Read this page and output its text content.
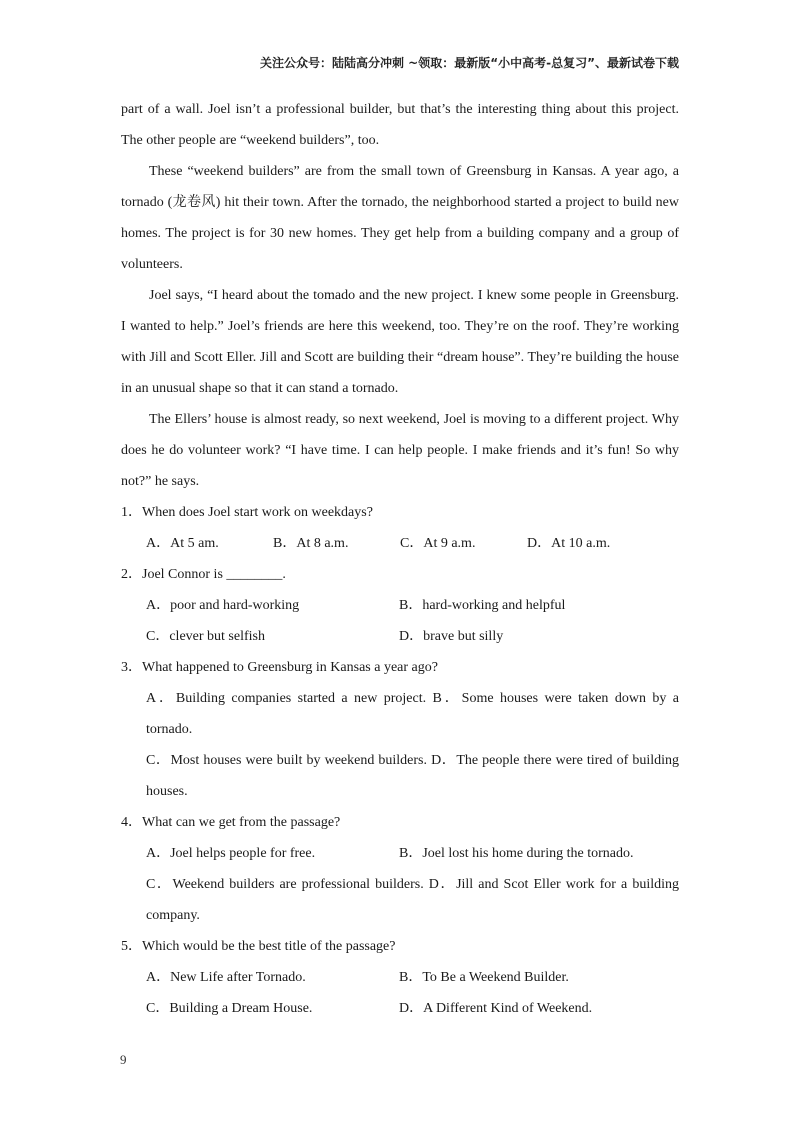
关注公众号：陆陆高分冲刺 ~领取：最新版“小中高考-总复习”、最新试卷下载

part of a wall. Joel isn’t a professional builder, but that’s the interesting thing about this project. The other people are “weekend builders”, too.

These “weekend builders” are from the small town of Greensburg in Kansas. A year ago, a tornado (龙卷风) hit their town. After the tornado, the neighborhood started a project to build new homes. The project is for 30 new homes. They get help from a building company and a group of volunteers.

Joel says, “I heard about the tomado and the new project. I knew some people in Greensburg. I wanted to help.” Joel’s friends are here this weekend, too. They’re on the roof. They’re working with Jill and Scott Eller. Jill and Scott are building their “dream house”. They’re building the house in an unusual shape so that it can stand a tornado.

The Ellers’ house is almost ready, so next weekend, Joel is moving to a different project. Why does he do volunteer work? “I have time. I can help people. I make friends and it’s fun! So why not?” he says.

1．When does Joel start work on weekdays?
A．At 5 am.	B．At 8 a.m.	C．At 9 a.m.	D．At 10 a.m.
2．Joel Connor is ________.
A．poor and hard-working	B．hard-working and helpful
C．clever but selfish	D．brave but silly
3．What happened to Greensburg in Kansas a year ago?

A．Building companies started a new project. B．Some houses were taken down by a tornado.

C．Most houses were built by weekend builders. D．The people there were tired of building houses.

4．What can we get from the passage?
A．Joel helps people for free.	B．Joel lost his home during the tornado.

C．Weekend builders are professional builders. D．Jill and Scot Eller work for a building company.

5．Which would be the best title of the passage?
A．New Life after Tornado.	B．To Be a Weekend Builder.
C．Building a Dream House.	D．A Different Kind of Weekend.
9
